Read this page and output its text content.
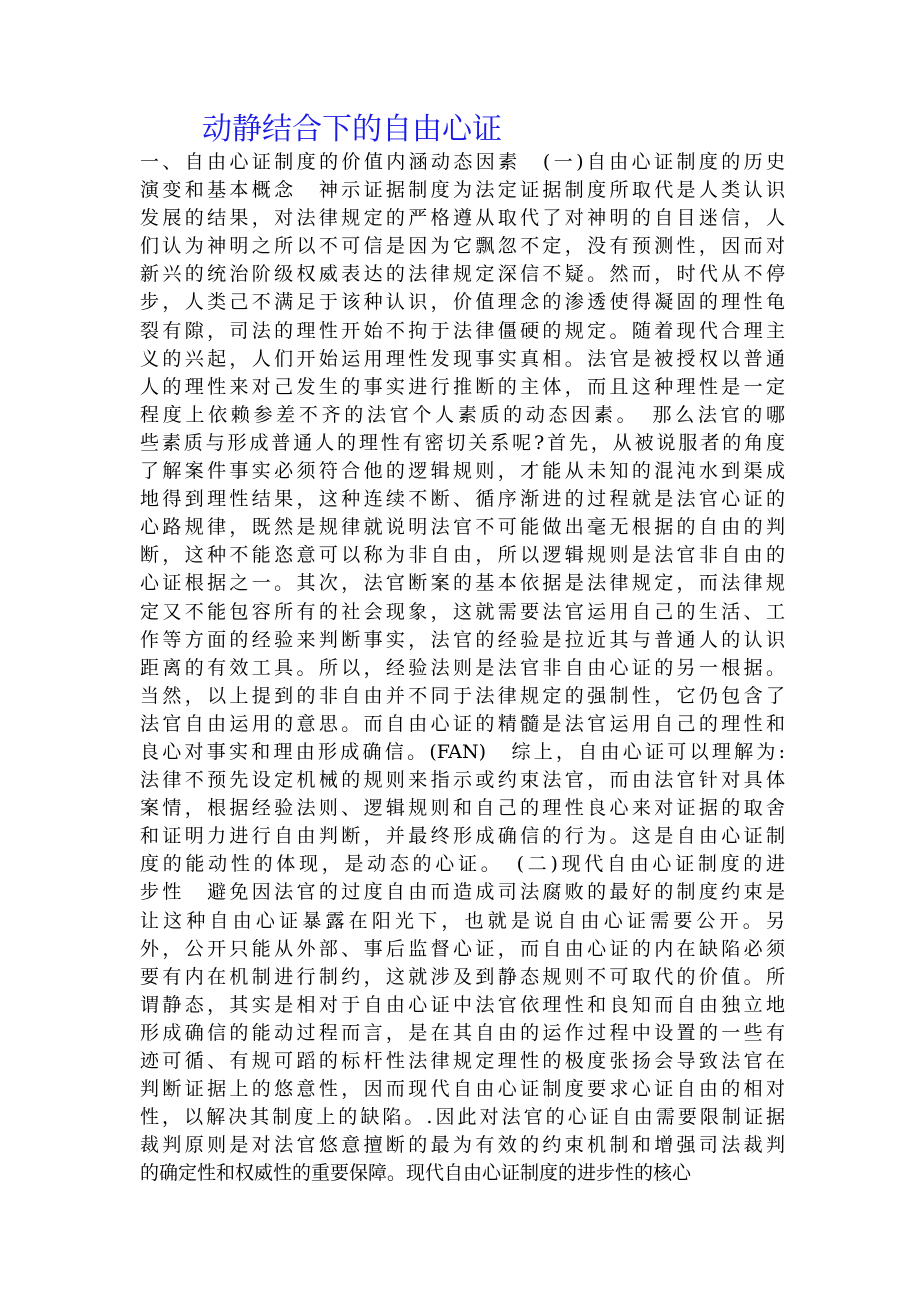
动静结合下的自由心证
一、自由心证制度的价值内涵动态因素　(一)自由心证制度的历史
演变和基本概念　神示证据制度为法定证据制度所取代是人类认识
发展的结果，对法律规定的严格遵从取代了对神明的自目迷信，人
们认为神明之所以不可信是因为它飘忽不定，没有预测性，因而对
新兴的统治阶级权威表达的法律规定深信不疑。然而，时代从不停
步，人类己不满足于该种认识，价值理念的渗透使得凝固的理性龟
裂有隙，司法的理性开始不拘于法律僵硬的规定。随着现代合理主
义的兴起，人们开始运用理性发现事实真相。法官是被授权以普通
人的理性来对己发生的事实进行推断的主体，而且这种理性是一定
程度上依赖参差不齐的法官个人素质的动态因素。　那么法官的哪
些素质与形成普通人的理性有密切关系呢?首先，从被说服者的角度
了解案件事实必须符合他的逻辑规则，才能从未知的混沌水到渠成
地得到理性结果，这种连续不断、循序渐进的过程就是法官心证的
心路规律，既然是规律就说明法官不可能做出毫无根据的自由的判
断，这种不能恣意可以称为非自由，所以逻辑规则是法官非自由的
心证根据之一。其次，法官断案的基本依据是法律规定，而法律规
定又不能包容所有的社会现象，这就需要法官运用自己的生活、工
作等方面的经验来判断事实，法官的经验是拉近其与普通人的认识
距离的有效工具。所以，经验法则是法官非自由心证的另一根据。
当然，以上提到的非自由并不同于法律规定的强制性，它仍包含了
法官自由运用的意思。而自由心证的精髓是法官运用自己的理性和
良心对事实和理由形成确信。(FAN)　综上，自由心证可以理解为:
法律不预先设定机械的规则来指示或约束法官，而由法官针对具体
案情，根据经验法则、逻辑规则和自己的理性良心来对证据的取舍
和证明力进行自由判断，并最终形成确信的行为。这是自由心证制
度的能动性的体现，是动态的心证。　(二)现代自由心证制度的进
步性　避免因法官的过度自由而造成司法腐败的最好的制度约束是
让这种自由心证暴露在阳光下，也就是说自由心证需要公开。另
外，公开只能从外部、事后监督心证，而自由心证的内在缺陷必须
要有内在机制进行制约，这就涉及到静态规则不可取代的价值。所
谓静态，其实是相对于自由心证中法官依理性和良知而自由独立地
形成确信的能动过程而言，是在其自由的运作过程中设置的一些有
迹可循、有规可蹈的标杆性法律规定理性的极度张扬会导致法官在
判断证据上的悠意性，因而现代自由心证制度要求心证自由的相对
性，以解决其制度上的缺陷。.因此对法官的心证自由需要限制证据
裁判原则是对法官悠意擅断的最为有效的约束机制和增强司法裁判
的确定性和权威性的重要保障。现代自由心证制度的进步性的核心
